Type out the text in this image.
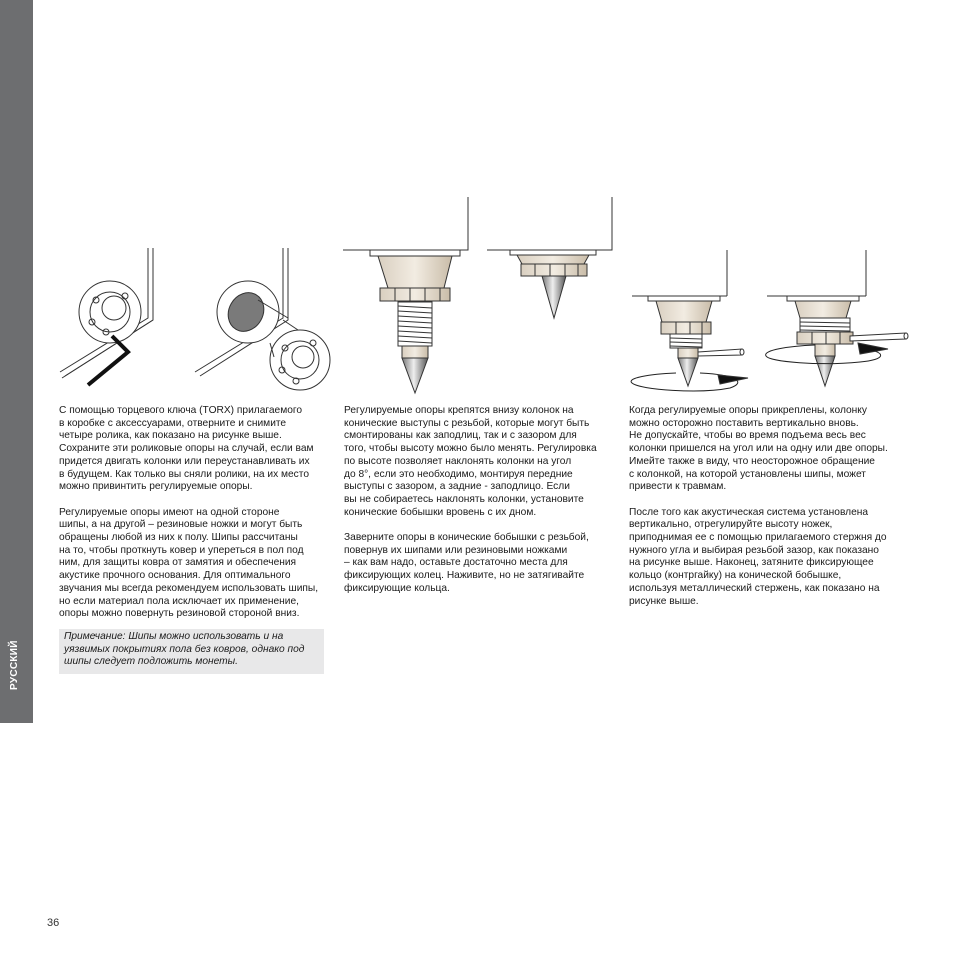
РУССКИЙ

С помощью торцевого ключа (TORX) прилагаемого
в коробке с аксессуарами, отверните и снимите
четыре ролика, как показано на рисунке выше.
Сохраните эти роликовые опоры на случай, если вам
придется двигать колонки или переустанавливать их
в будущем. Как только вы сняли ролики, на их место
можно привинтить регулируемые опоры.

Регулируемые опоры имеют на одной стороне
шипы, а на другой – резиновые ножки и могут быть
обращены любой из них к полу. Шипы рассчитаны
на то, чтобы проткнуть ковер и упереться в пол под
ним, для защиты ковра от замятия и обеспечения
акустике прочного основания. Для оптимального
звучания мы всегда рекомендуем использовать шипы,
но если материал пола исключает их применение,
опоры можно повернуть резиновой стороной вниз.

Примечание: Шипы можно использовать и на
уязвимых покрытиях пола без ковров, однако под
шипы следует подложить монеты.

Регулируемые опоры крепятся внизу колонок на
конические выступы с резьбой, которые могут быть
смонтированы как заподлиц, так и с зазором для
того, чтобы высоту можно было менять. Регулировка
по высоте позволяет наклонять колонки на угол
до 8°, если это необходимо, монтируя передние
выступы с зазором, а задние - заподлицо. Если
вы не собираетесь наклонять колонки, установите
конические бобышки вровень с их дном.

Заверните опоры в конические бобышки с резьбой,
повернув их шипами или резиновыми ножками
– как вам надо, оставьте достаточно места для
фиксирующих колец. Наживите, но не затягивайте
фиксирующие кольца.

Когда регулируемые опоры прикреплены, колонку
можно осторожно поставить вертикально вновь.
Не допускайте, чтобы во время подъема весь вес
колонки пришелся на угол или на одну или две опоры.
Имейте также в виду, что неосторожное обращение
с колонкой, на которой установлены шипы, может
привести к травмам.

После того как акустическая система установлена
вертикально, отрегулируйте высоту ножек,
приподнимая ее с помощью прилагаемого стержня до
нужного угла и выбирая резьбой зазор, как показано
на рисунке выше. Наконец, затяните фиксирующее
кольцо (контргайку) на конической бобышке,
используя металлический стержень, как показано на
рисунке выше.

36
